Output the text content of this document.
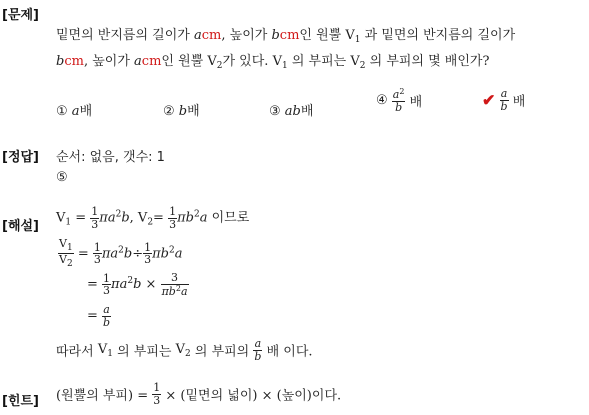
[문제]
[정답]
[해설]
[힌트]
밑면의 반지름의 길이가 acm, 높이가 bcm인 원뿔 $V_1$ 과 밑면의 반지름의 길이가
bcm, 높이가 acm인 원뿔 $V_2$가 있다. $V_1$ 의 부피는 $V_2$ 의 부피의 몇 배인가?
① a배	② b배	③ ab배
④ $\frac{a^2}{b}$ 배	✔ $\frac{a}{b}$ 배
순서: 없음, 갯수: 1
⑤
$V_1 = \frac{1}{3} \pi a^2b$, $V_2= \frac{1}{3} \pi b^2a$ 이므로
$\frac{V_1}{V_2} = \frac{1}{3} \pi a^2b\div \frac{1}{3} \pi b^2a$
= $\frac{1}{3} \pi a^2b \times \frac{3}{\pi b^2a}$
= $\frac{a}{b}$
따라서 $V_1$ 의 부피는 $V_2$ 의 부피의 $\frac{a}{b}$ 배 이다.
(원뿔의 부피) = $\frac{1}{3}$ × (밑면의 넓이) × (높이)이다.
